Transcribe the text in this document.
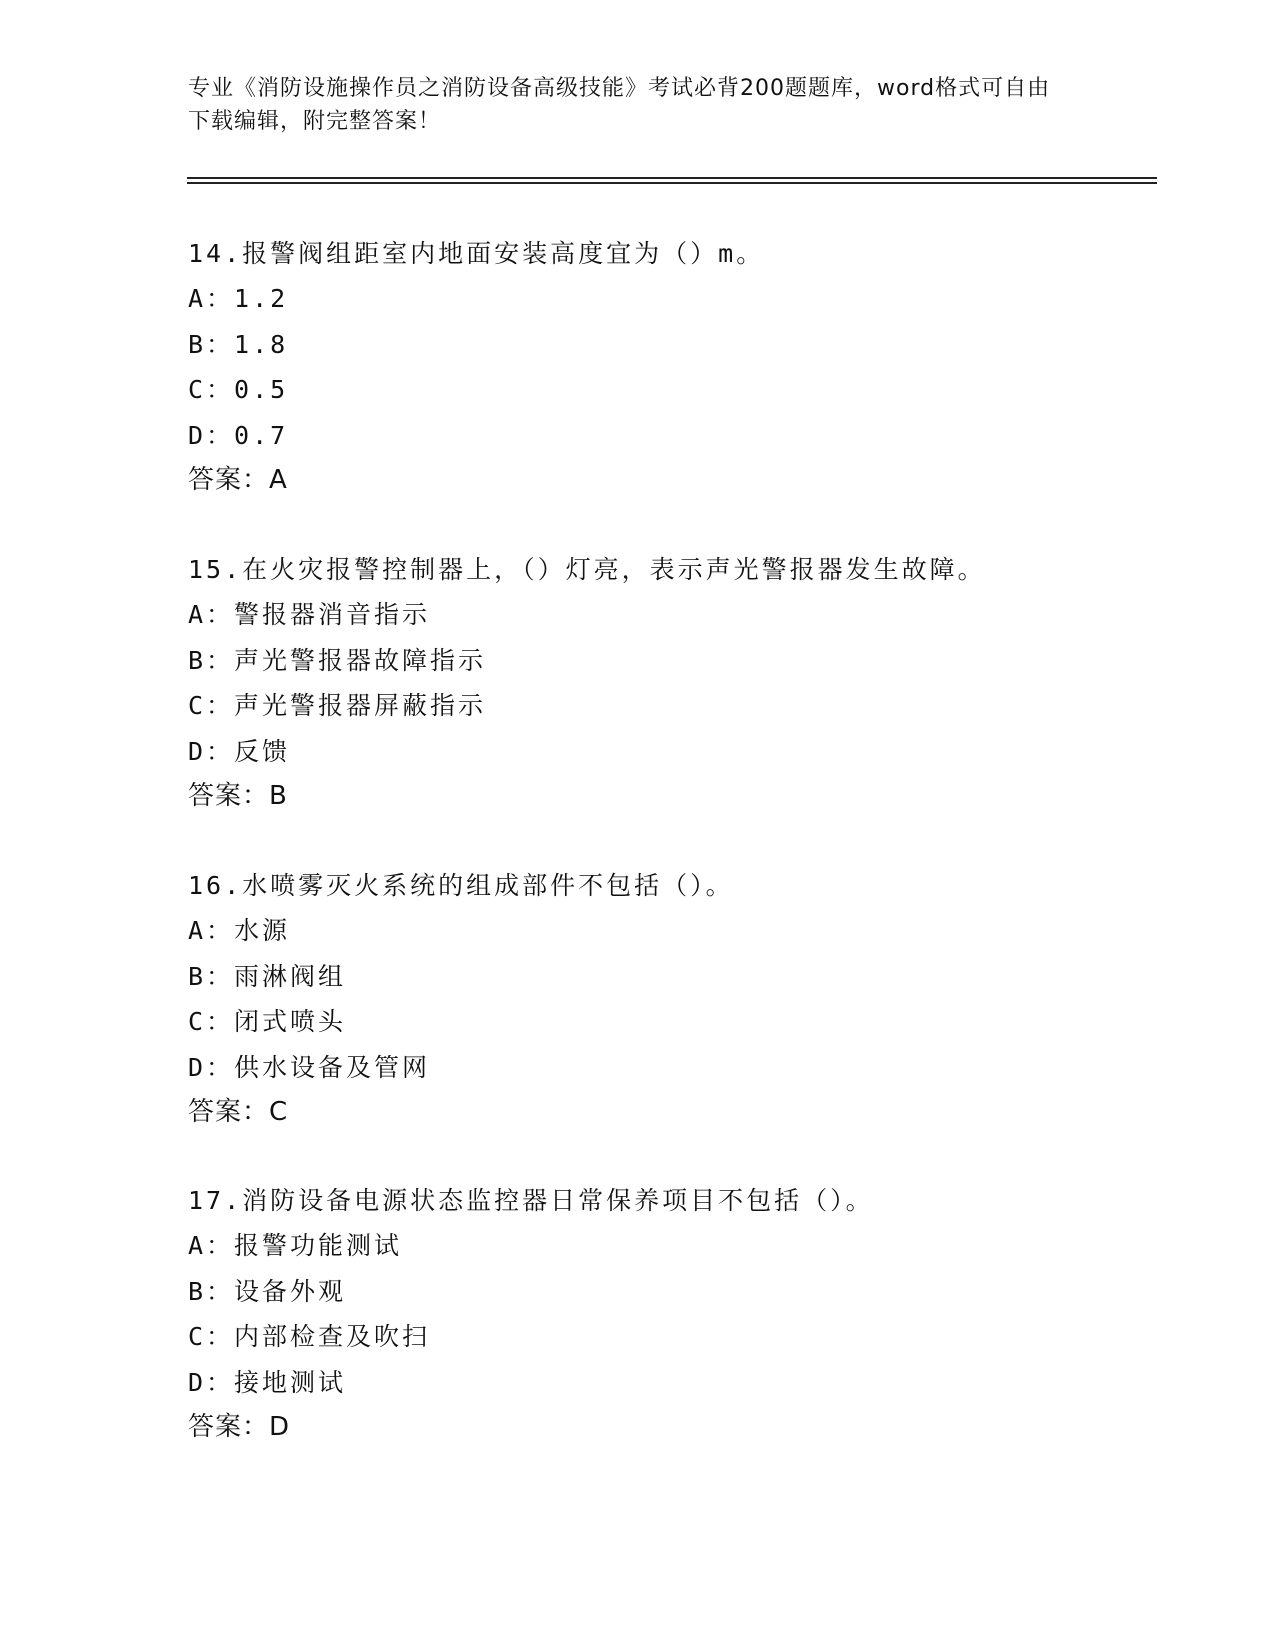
专业《消防设施操作员之消防设备高级技能》考试必背200题题库，word格式可自由下载编辑，附完整答案！
14.报警阀组距室内地面安装高度宜为（）m。
A：1.2
B：1.8
C：0.5
D：0.7
答案：A
15.在火灾报警控制器上，（）灯亮，表示声光警报器发生故障。
A：警报器消音指示
B：声光警报器故障指示
C：声光警报器屏蔽指示
D：反馈
答案：B
16.水喷雾灭火系统的组成部件不包括（）。
A：水源
B：雨淋阀组
C：闭式喷头
D：供水设备及管网
答案：C
17.消防设备电源状态监控器日常保养项目不包括（）。
A：报警功能测试
B：设备外观
C：内部检查及吹扫
D：接地测试
答案：D
